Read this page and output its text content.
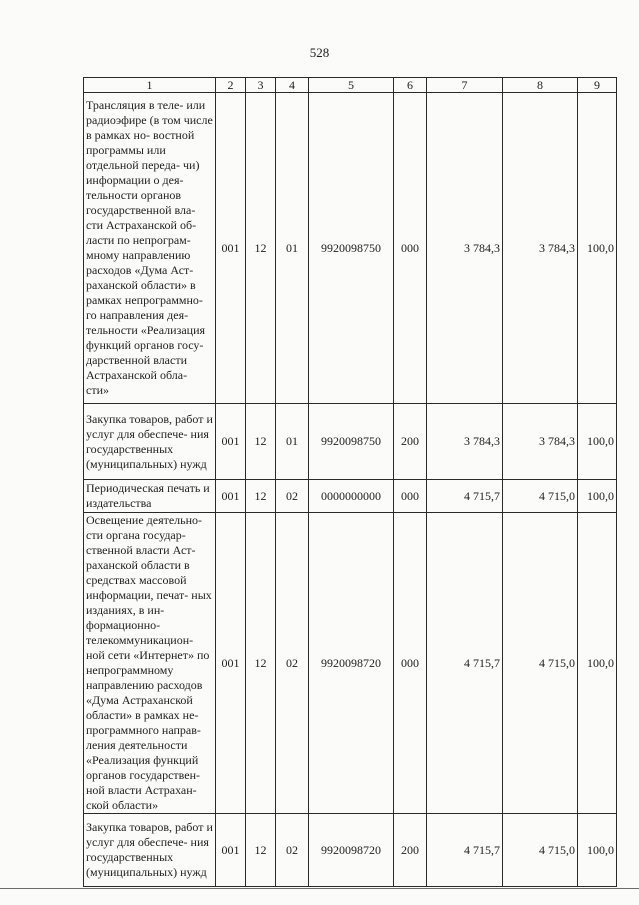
528
1	2	3	4	5	6	7	8	9
Трансляция в теле- или радиоэфире (в том числе в рамках но- востной программы или отдельной переда- чи) информации о дея- тельности органов государственной вла- сти Астраханской об- ласти по непрограм- мному направлению расходов «Дума Аст- раханской области» в рамках непрограммно- го направления дея- тельности «Реализация функций органов госу- дарственной власти Астраханской обла- сти»	001	12	01	9920098750	000	3 784,3	3 784,3	100,0
Закупка товаров, работ и услуг для обеспече- ния государственных (муниципальных) нужд	001	12	01	9920098750	200	3 784,3	3 784,3	100,0
Периодическая печать и издательства	001	12	02	0000000000	000	4 715,7	4 715,0	100,0
Освещение деятельно- сти органа государ- ственной власти Аст- раханской области в средствах массовой информации, печат- ных изданиях, в ин- формационно- телекоммуникацион- ной сети «Интернет» по непрограммному направлению расходов «Дума Астраханской области» в рамках не- программного направ- ления деятельности «Реализация функций органов государствен- ной власти Астрахан- ской области»	001	12	02	9920098720	000	4 715,7	4 715,0	100,0
Закупка товаров, работ и услуг для обеспече- ния государственных (муниципальных) нужд	001	12	02	9920098720	200	4 715,7	4 715,0	100,0
